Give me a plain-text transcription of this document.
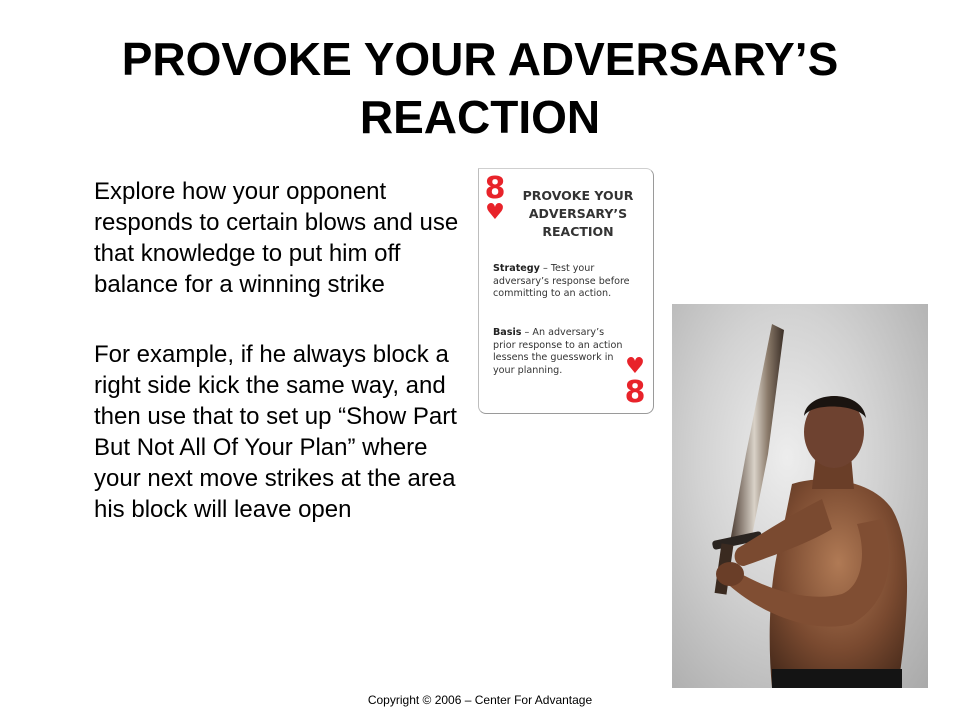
PROVOKE YOUR ADVERSARY’S
REACTION

Explore how your opponent responds to certain blows and use that knowledge to put him off balance for a winning strike

For example, if he always block a right side kick the same way, and then use that to set up “Show Part But Not All Of Your Plan” where your next move strikes at the area his block will leave open

8
♥
PROVOKE YOUR
ADVERSARY’S
REACTION
Strategy – Test your adversary’s response before committing to an action.
Basis – An adversary’s prior response to an action lessens the guesswork in your planning.	♥
8
Copyright © 2006 – Center For Advantage
